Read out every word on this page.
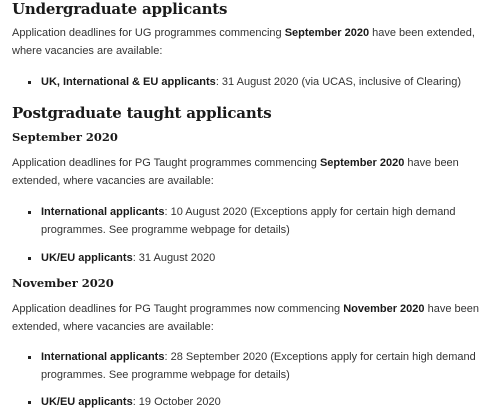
Undergraduate applicants

Application deadlines for UG programmes commencing September 2020 have been extended, where vacancies are available:

UK, International & EU applicants: 31 August 2020 (via UCAS, inclusive of Clearing)
Postgraduate taught applicants
September 2020

Application deadlines for PG Taught programmes commencing September 2020 have been extended, where vacancies are available:

International applicants: 10 August 2020 (Exceptions apply for certain high demand programmes. See programme webpage for details)
UK/EU applicants: 31 August 2020
November 2020

Application deadlines for PG Taught programmes now commencing November 2020 have been extended, where vacancies are available:

International applicants: 28 September 2020 (Exceptions apply for certain high demand programmes. See programme webpage for details)
UK/EU applicants: 19 October 2020
